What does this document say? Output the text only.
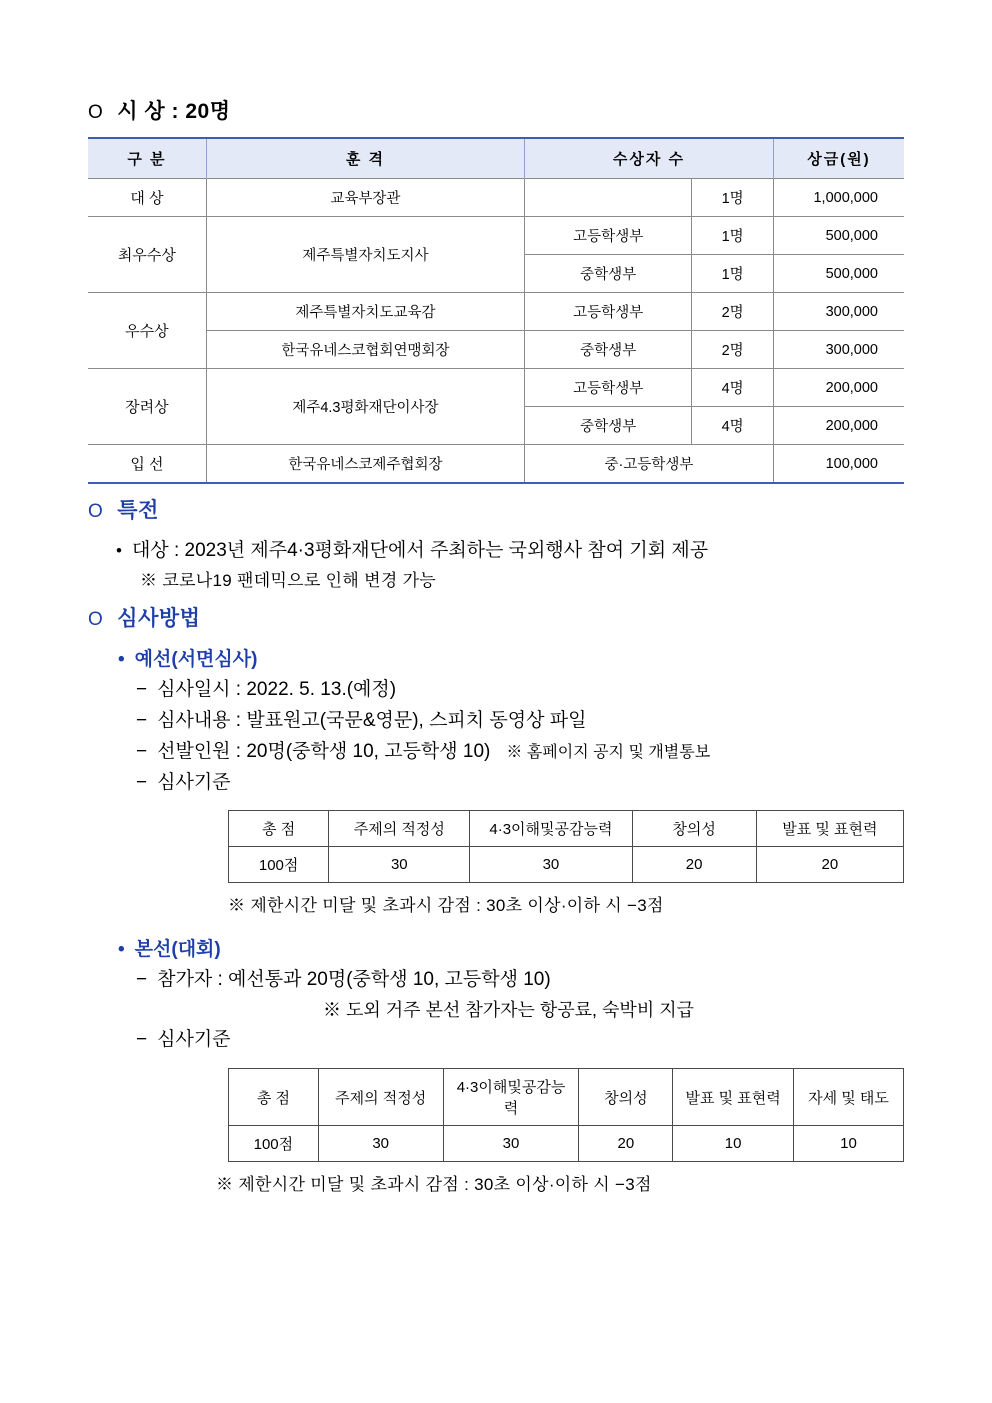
O 시 상 : 20명
구 분	훈 격	수상자 수		상금(원)
대 상	교육부장관		1명	1,000,000
최우수상	제주특별자치도지사	고등학생부	1명	500,000
		중학생부	1명	500,000
우수상	제주특별자치도교육감	고등학생부	2명	300,000
	한국유네스코협회연맹회장	중학생부	2명	300,000
장려상	제주4.3평화재단이사장	고등학생부	4명	200,000
		중학생부	4명	200,000
입 선	한국유네스코제주협회장	중·고등학생부		100,000
O 특전
• 대상 : 2023년 제주4·3평화재단에서 주최하는 국외행사 참여 기회 제공
※ 코로나19 팬데믹으로 인해 변경 가능
O 심사방법
• 예선(서면심사)
− 심사일시 : 2022. 5. 13.(예정)
− 심사내용 : 발표원고(국문&영문), 스피치 동영상 파일
− 선발인원 : 20명(중학생 10, 고등학생 10) ※ 홈페이지 공지 및 개별통보
− 심사기준
총 점	주제의 적정성	4·3이해및공감능력	창의성	발표 및 표현력
100점	30	30	20	20
※ 제한시간 미달 및 초과시 감점 : 30초 이상·이하 시 −3점
• 본선(대회)
− 참가자 : 예선통과 20명(중학생 10, 고등학생 10)
※ 도외 거주 본선 참가자는 항공료, 숙박비 지급
− 심사기준
총 점	주제의 적정성	4·3이해및공감능력	창의성	발표 및 표현력	자세 및 태도
100점	30	30	20	10	10
※ 제한시간 미달 및 초과시 감점 : 30초 이상·이하 시 −3점
